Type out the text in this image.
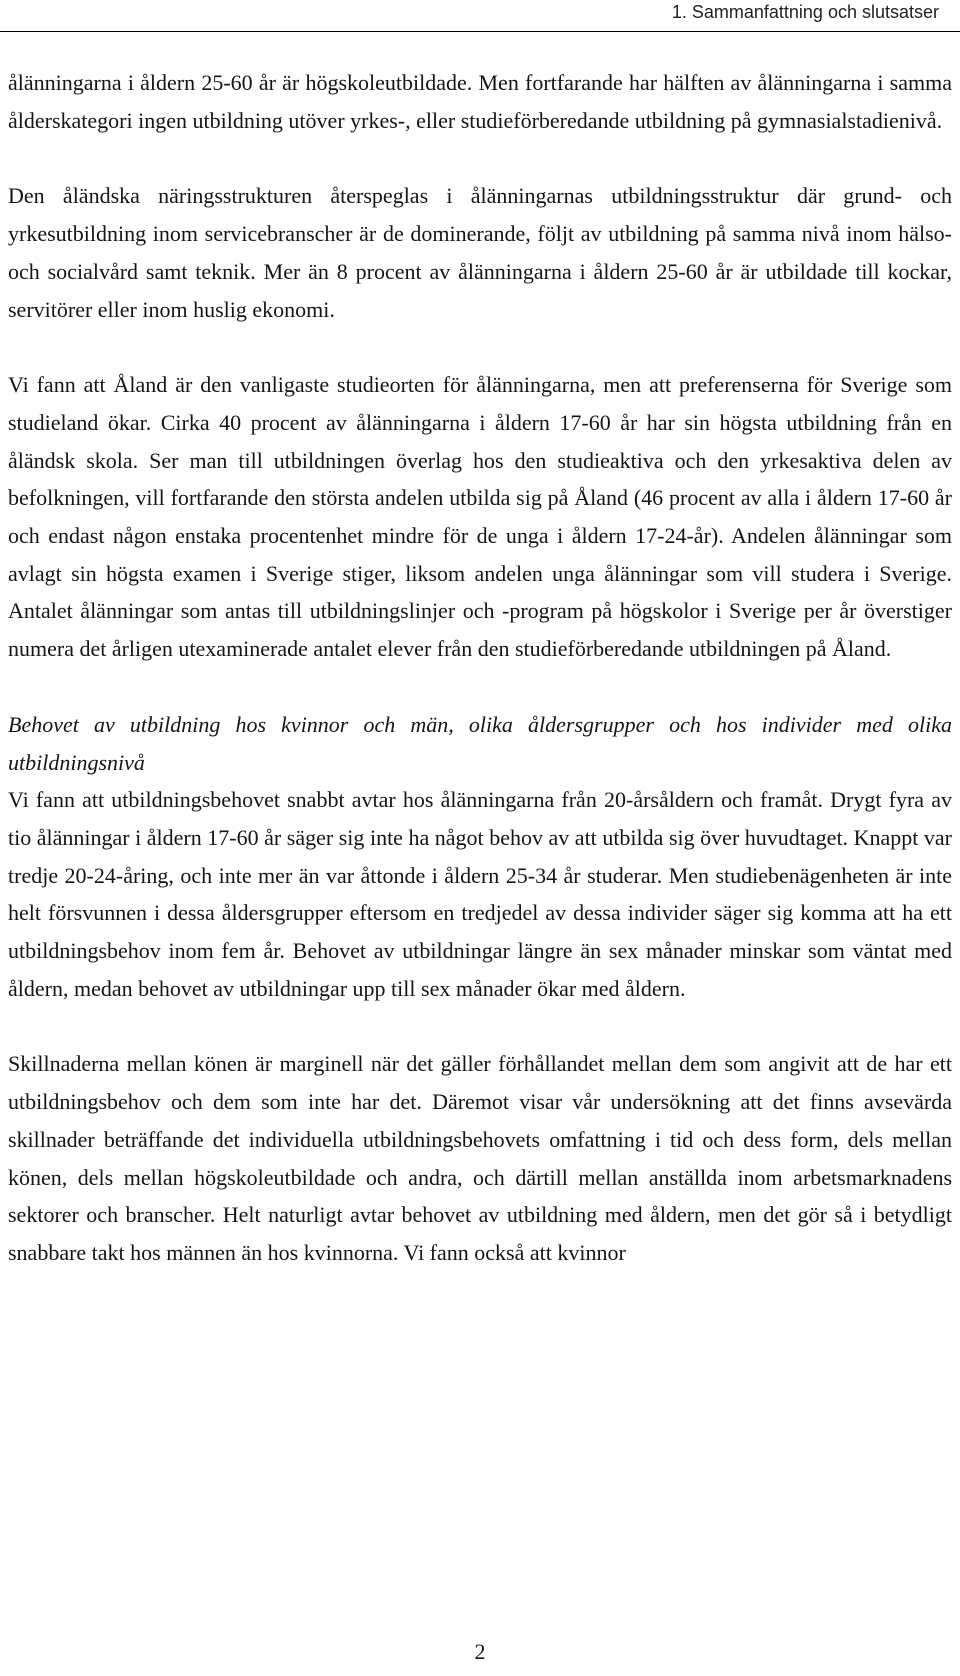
1. Sammanfattning och slutsatser

ålänningarna i åldern 25-60 år är högskoleutbildade. Men fortfarande har hälften av ålänningarna i samma ålderskategori ingen utbildning utöver yrkes-, eller studieförberedande utbildning på gymnasialstadienivå.

Den åländska näringsstrukturen återspeglas i ålänningarnas utbildningsstruktur där grund- och yrkesutbildning inom servicebranscher är de dominerande, följt av utbildning på samma nivå inom hälso- och socialvård samt teknik. Mer än 8 procent av ålänningarna i åldern 25-60 år är utbildade till kockar, servitörer eller inom huslig ekonomi.

Vi fann att Åland är den vanligaste studieorten för ålänningarna, men att preferenserna för Sverige som studieland ökar. Cirka 40 procent av ålänningarna i åldern 17-60 år har sin högsta utbildning från en åländsk skola. Ser man till utbildningen överlag hos den studieaktiva och den yrkesaktiva delen av befolkningen, vill fortfarande den största andelen utbilda sig på Åland (46 procent av alla i åldern 17-60 år och endast någon enstaka procentenhet mindre för de unga i åldern 17-24-år). Andelen ålänningar som avlagt sin högsta examen i Sverige stiger, liksom andelen unga ålänningar som vill studera i Sverige. Antalet ålänningar som antas till utbildningslinjer och -program på högskolor i Sverige per år överstiger numera det årligen utexaminerade antalet elever från den studieförberedande utbildningen på Åland.

Behovet av utbildning hos kvinnor och män, olika åldersgrupper och hos individer med olika utbildningsnivå

Vi fann att utbildningsbehovet snabbt avtar hos ålänningarna från 20-årsåldern och framåt. Drygt fyra av tio ålänningar i åldern 17-60 år säger sig inte ha något behov av att utbilda sig över huvudtaget. Knappt var tredje 20-24-åring, och inte mer än var åttonde i åldern 25-34 år studerar. Men studiebenägenheten är inte helt försvunnen i dessa åldersgrupper eftersom en tredjedel av dessa individer säger sig komma att ha ett utbildningsbehov inom fem år. Behovet av utbildningar längre än sex månader minskar som väntat med åldern, medan behovet av utbildningar upp till sex månader ökar med åldern.

Skillnaderna mellan könen är marginell när det gäller förhållandet mellan dem som angivit att de har ett utbildningsbehov och dem som inte har det. Däremot visar vår undersökning att det finns avsevärda skillnader beträffande det individuella utbildningsbehovets omfattning i tid och dess form, dels mellan könen, dels mellan högskoleutbildade och andra, och därtill mellan anställda inom arbetsmarknadens sektorer och branscher. Helt naturligt avtar behovet av utbildning med åldern, men det gör så i betydligt snabbare takt hos männen än hos kvinnorna. Vi fann också att kvinnor

2
